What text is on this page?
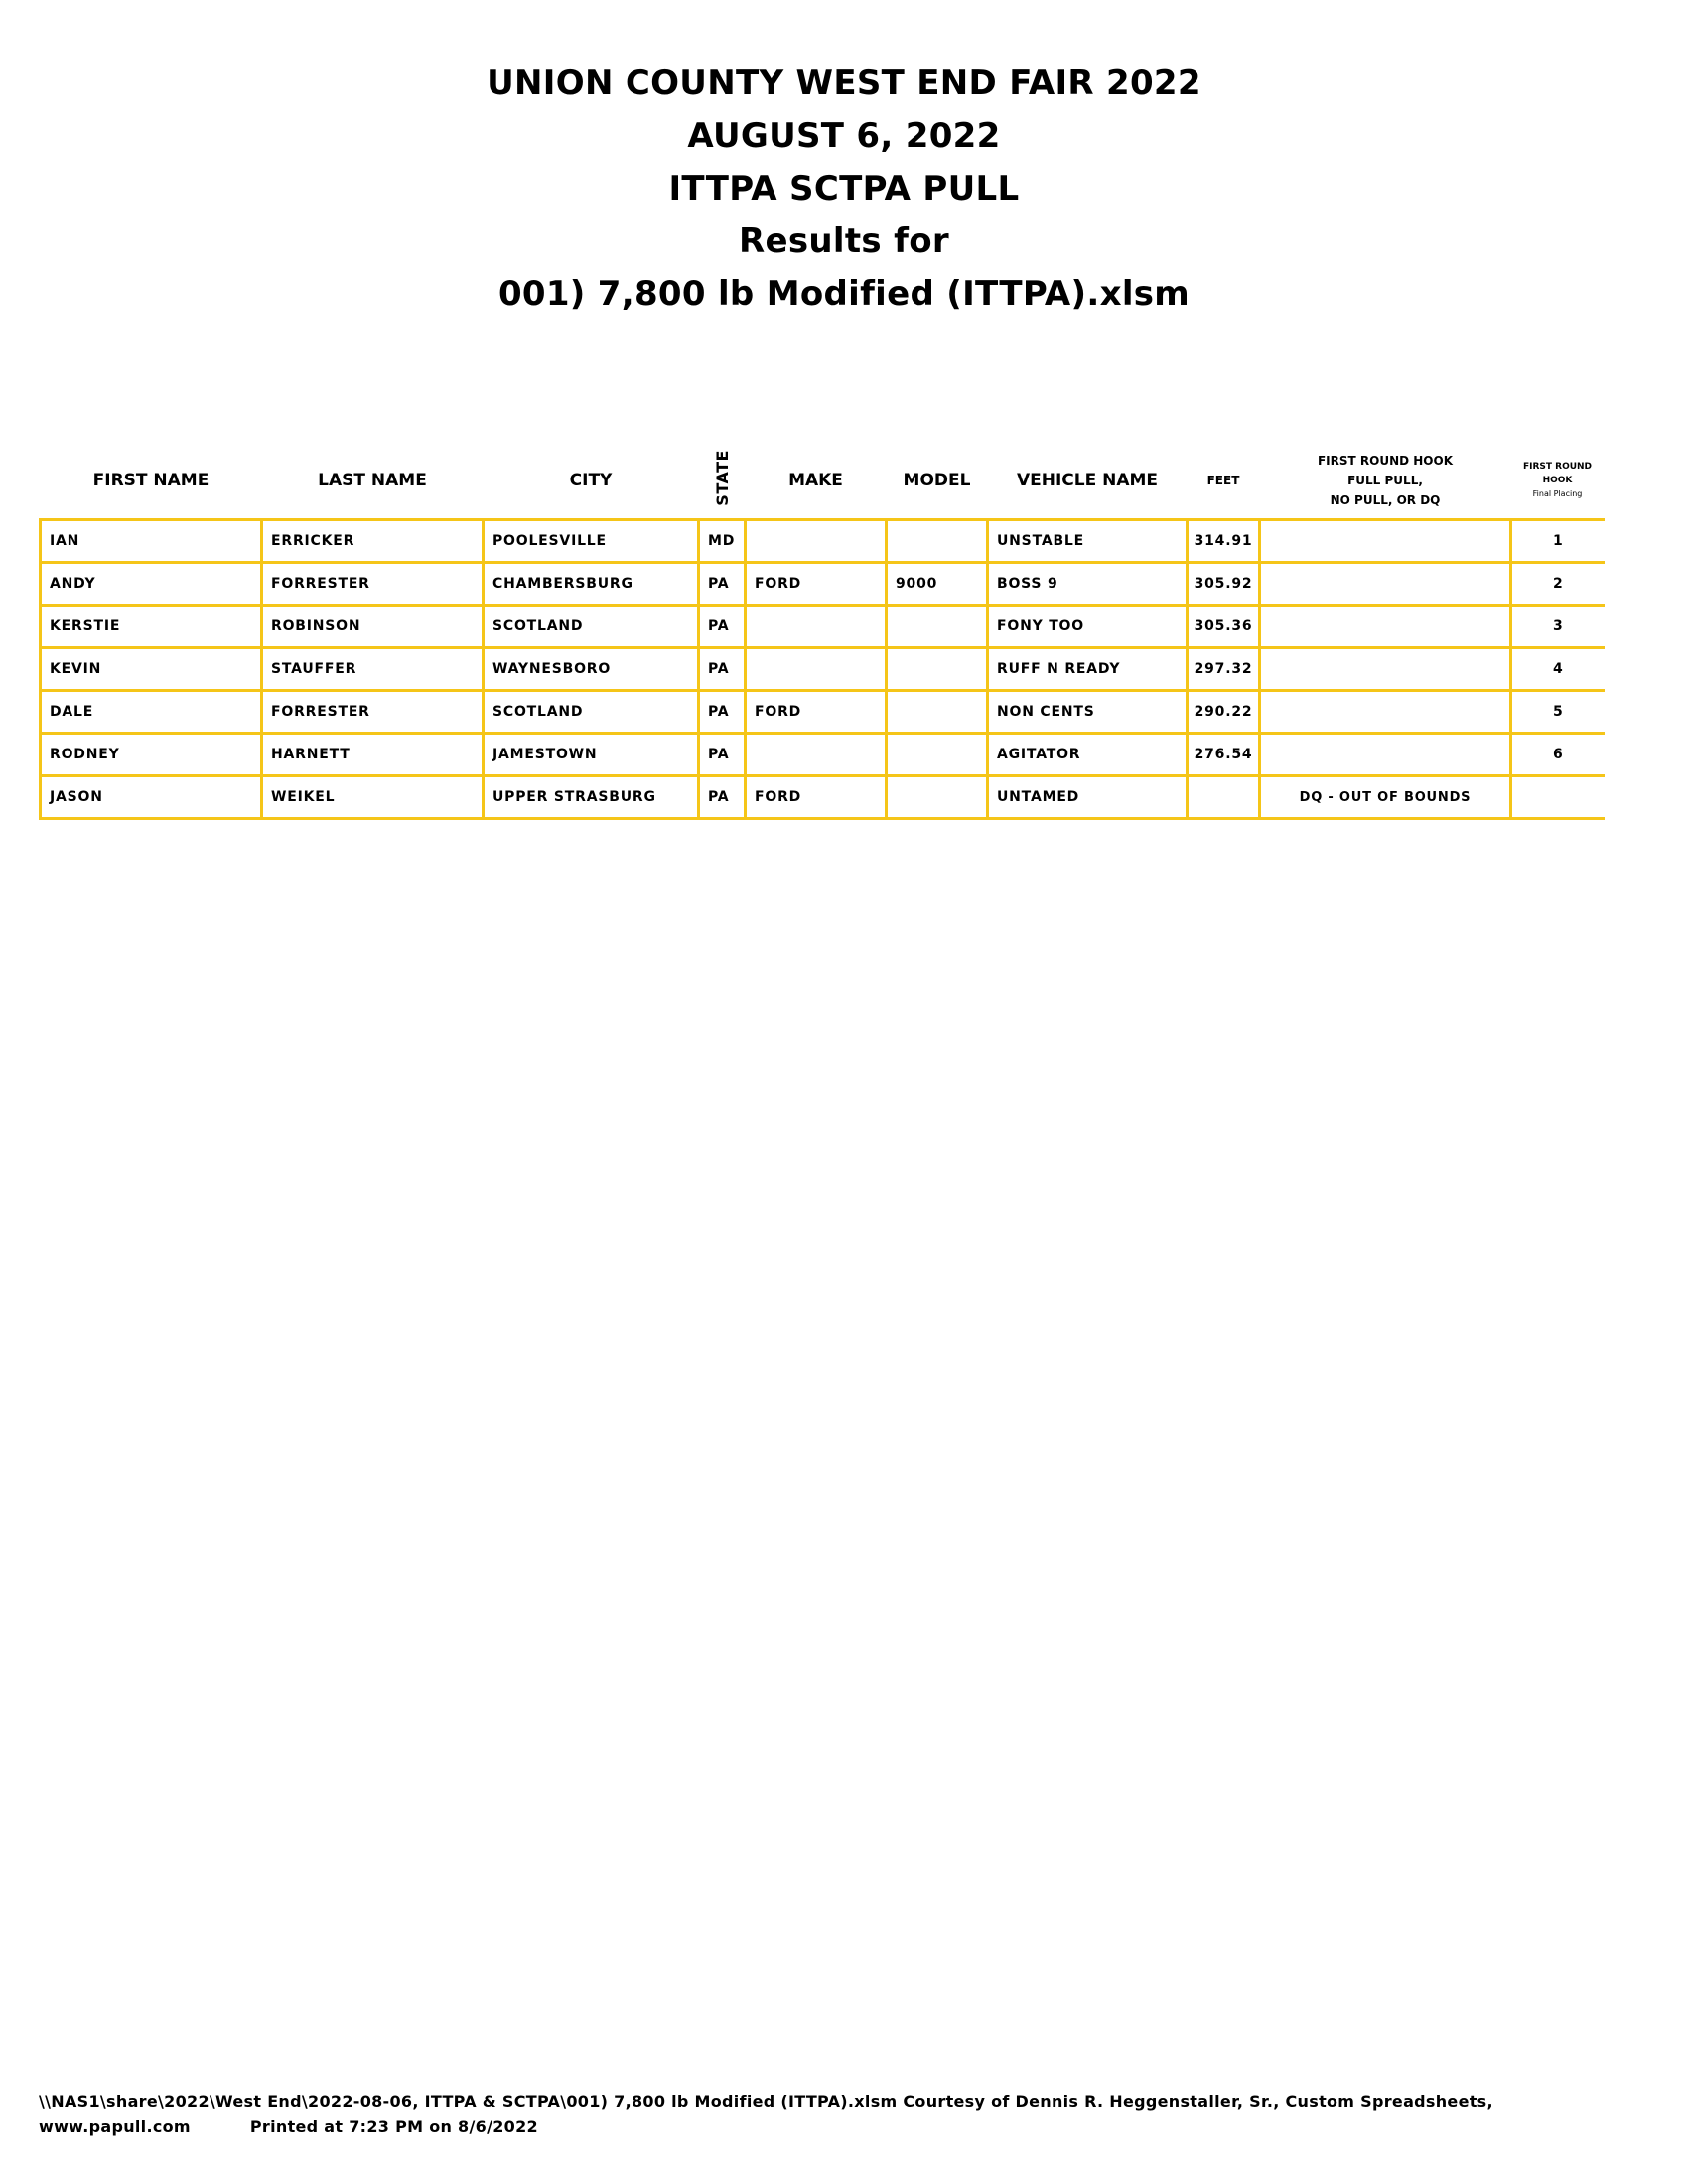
UNION COUNTY WEST END FAIR 2022
AUGUST 6, 2022
ITTPA SCTPA PULL
Results for
001) 7,800 lb Modified (ITTPA).xlsm
FIRST NAME	LAST NAME	CITY	STATE	MAKE	MODEL	VEHICLE NAME	FEET	FIRST ROUND HOOK
FULL PULL,
NO PULL, OR DQ	FIRST ROUND
HOOK
Final Placing

IAN	ERRICKER	POOLESVILLE	MD			UNSTABLE	314.91		1
ANDY	FORRESTER	CHAMBERSBURG	PA	FORD	9000	BOSS 9	305.92		2
KERSTIE	ROBINSON	SCOTLAND	PA			FONY TOO	305.36		3
KEVIN	STAUFFER	WAYNESBORO	PA			RUFF N READY	297.32		4
DALE	FORRESTER	SCOTLAND	PA	FORD		NON CENTS	290.22		5
RODNEY	HARNETT	JAMESTOWN	PA			AGITATOR	276.54		6
JASON	WEIKEL	UPPER STRASBURG	PA	FORD		UNTAMED		DQ - OUT OF BOUNDS	
\\NAS1\share\2022\West End\2022-08-06, ITTPA & SCTPA\001) 7,800 lb Modified (ITTPA).xlsm Courtesy of Dennis R. Heggenstaller, Sr., Custom Spreadsheets,
www.papull.com	Printed at 7:23 PM on 8/6/2022
